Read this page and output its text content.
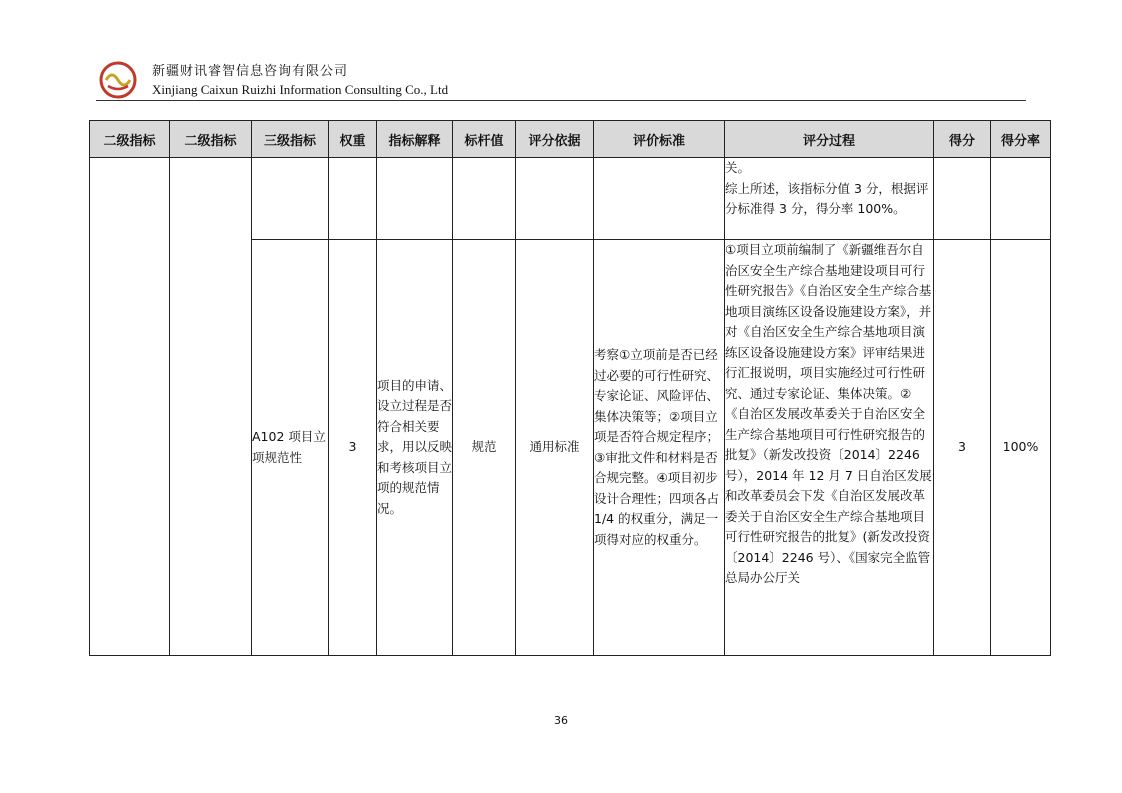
新疆财讯睿智信息咨询有限公司
Xinjiang Caixun Ruizhi Information Consulting Co., Ltd
二级指标	二级指标	三级指标	权重	指标解释	标杆值	评分依据	评价标准	评分过程	得分	得分率
								关。
综上所述，该指标分值 3 分，根据评分标准得 3 分，得分率 100%。		
		A102 项目立项规范性	3	项目的申请、设立过程是否符合相关要求，用以反映和考核项目立项的规范情况。	规范	通用标准	考察①立项前是否已经过必要的可行性研究、专家论证、风险评估、集体决策等；②项目立项是否符合规定程序；③审批文件和材料是否合规完整。④项目初步设计合理性；四项各占 1/4 的权重分，满足一项得对应的权重分。	①项目立项前编制了《新疆维吾尔自治区安全生产综合基地建设项目可行性研究报告》《自治区安全生产综合基地项目演练区设备设施建设方案》，并对《自治区安全生产综合基地项目演练区设备设施建设方案》评审结果进行汇报说明，项目实施经过可行性研究、通过专家论证、集体决策。②《自治区发展改革委关于自治区安全生产综合基地项目可行性研究报告的批复》（新发改投资〔2014〕2246 号），2014 年 12 月 7 日自治区发展和改革委员会下发《自治区发展改革委关于自治区安全生产综合基地项目可行性研究报告的批复》(新发改投资〔2014〕2246 号）、《国家完全监管总局办公厅关	3	100%
36
